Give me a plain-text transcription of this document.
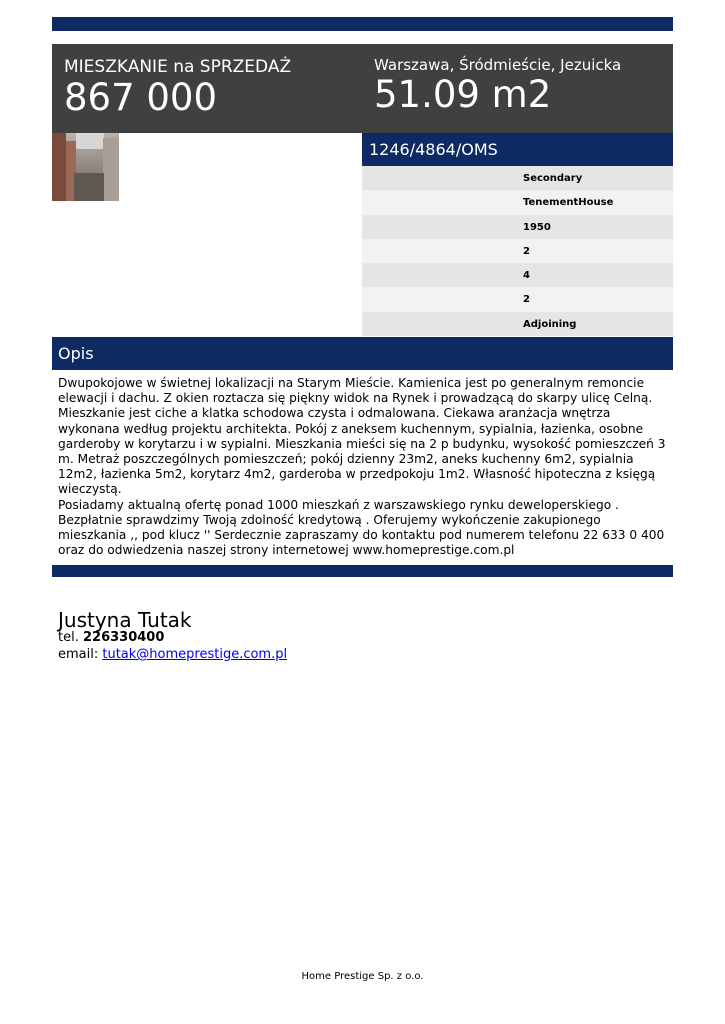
MIESZKANIE na SPRZEDAŻ
867 000
Warszawa, Śródmieście, Jezuicka
51.09 m2
1246/4864/OMS
Secondary
TenementHouse
1950
2
4
2
Adjoining
Opis
Dwupokojowe w świetnej lokalizacji na Starym Mieście. Kamienica jest po generalnym remoncie elewacji i dachu. Z okien roztacza się piękny widok na Rynek i prowadzącą do skarpy ulicę Celną. Mieszkanie jest ciche a klatka schodowa czysta i odmalowana. Ciekawa aranżacja wnętrza wykonana według projektu architekta. Pokój z aneksem kuchennym, sypialnia, łazienka, osobne garderoby w korytarzu i w sypialni. Mieszkania mieści się na 2 p budynku, wysokość pomieszczeń 3 m. Metraż poszczególnych pomieszczeń; pokój dzienny 23m2, aneks kuchenny 6m2, sypialnia 12m2, łazienka 5m2, korytarz 4m2, garderoba w przedpokoju 1m2. Własność hipoteczna z księgą wieczystą.
Posiadamy aktualną ofertę ponad 1000 mieszkań z warszawskiego rynku deweloperskiego . Bezpłatnie sprawdzimy Twoją zdolność kredytową . Oferujemy wykończenie zakupionego mieszkania ,, pod klucz '' Serdecznie zapraszamy do kontaktu pod numerem telefonu 22 633 0 400 oraz do odwiedzenia naszej strony internetowej www.homeprestige.com.pl
Justyna Tutak
tel. 226330400
email: tutak@homeprestige.com.pl
Home Prestige Sp. z o.o.
